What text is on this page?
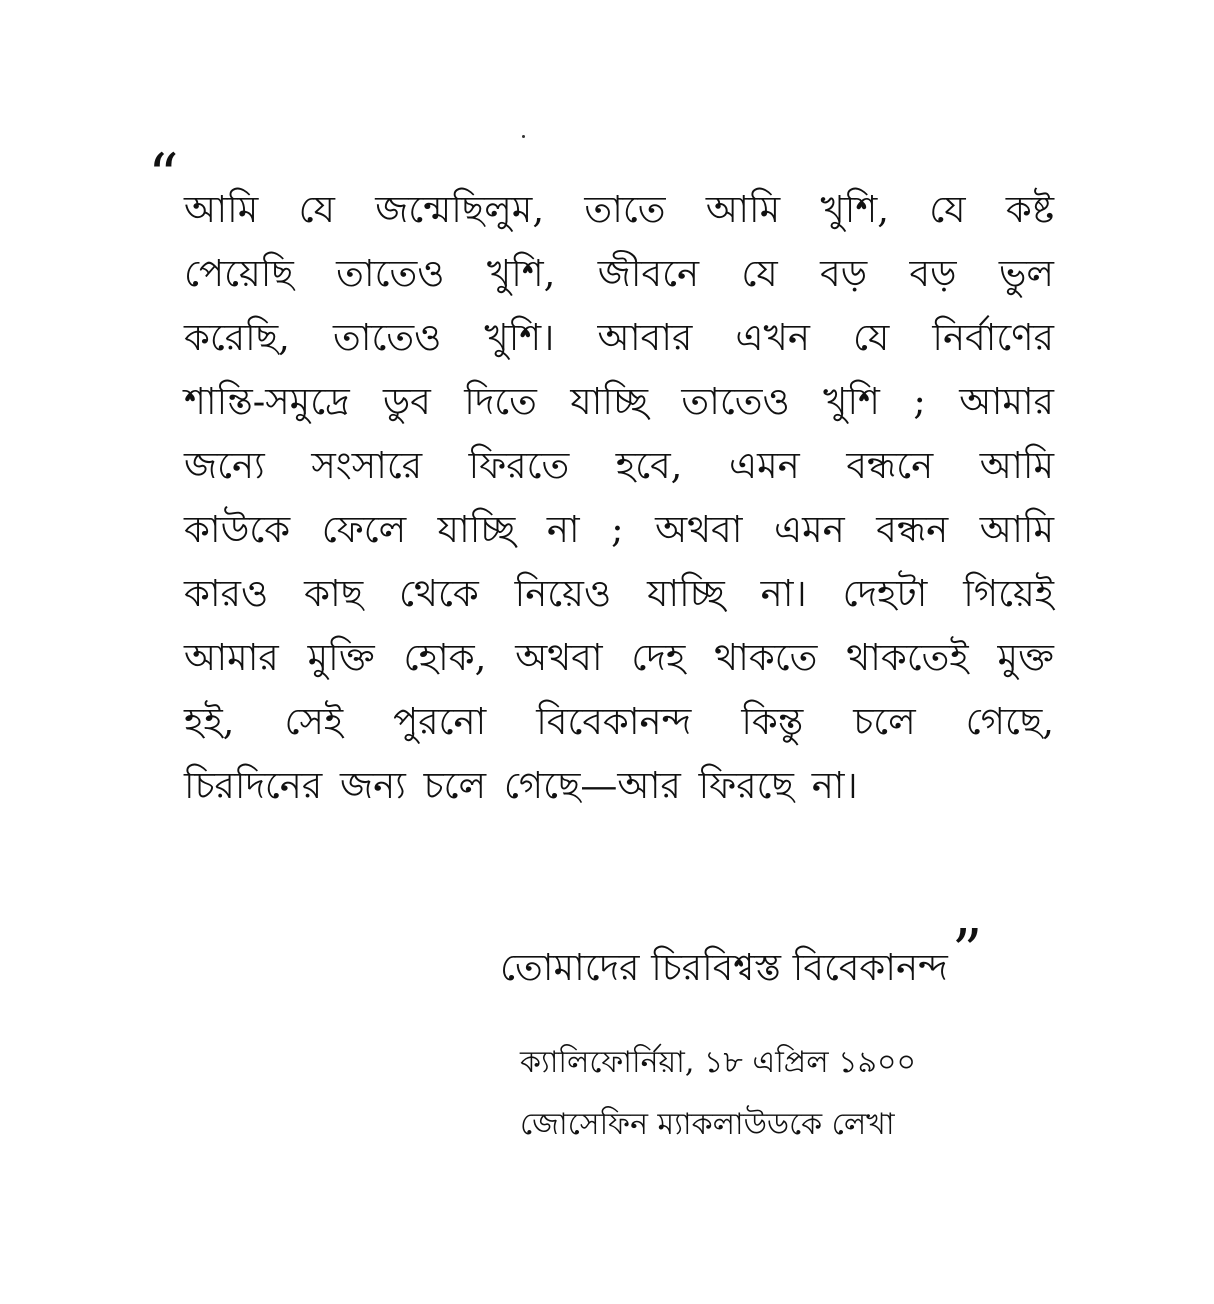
“ আমি যে জন্মেছিলুম, তাতে আমি খুশি, যে কষ্ট
পেয়েছি তাতেও খুশি, জীবনে যে বড় বড় ভুল
করেছি, তাতেও খুশি। আবার এখন যে নির্বাণের
শান্তি-সমুদ্রে ডুব দিতে যাচ্ছি তাতেও খুশি ; আমার
জন্যে সংসারে ফিরতে হবে, এমন বন্ধনে আমি
কাউকে ফেলে যাচ্ছি না ; অথবা এমন বন্ধন আমি
কারও কাছ থেকে নিয়েও যাচ্ছি না। দেহটা গিয়েই
আমার মুক্তি হোক, অথবা দেহ থাকতে থাকতেই মুক্ত
হই, সেই পুরনো বিবেকানন্দ কিন্তু চলে গেছে,
চিরদিনের জন্য চলে গেছে—আর ফিরছে না।
তোমাদের চিরবিশ্বস্ত বিবেকানন্দ”
ক্যালিফোর্নিয়া, ১৮ এপ্রিল ১৯০০
জোসেফিন ম্যাকলাউডকে লেখা
